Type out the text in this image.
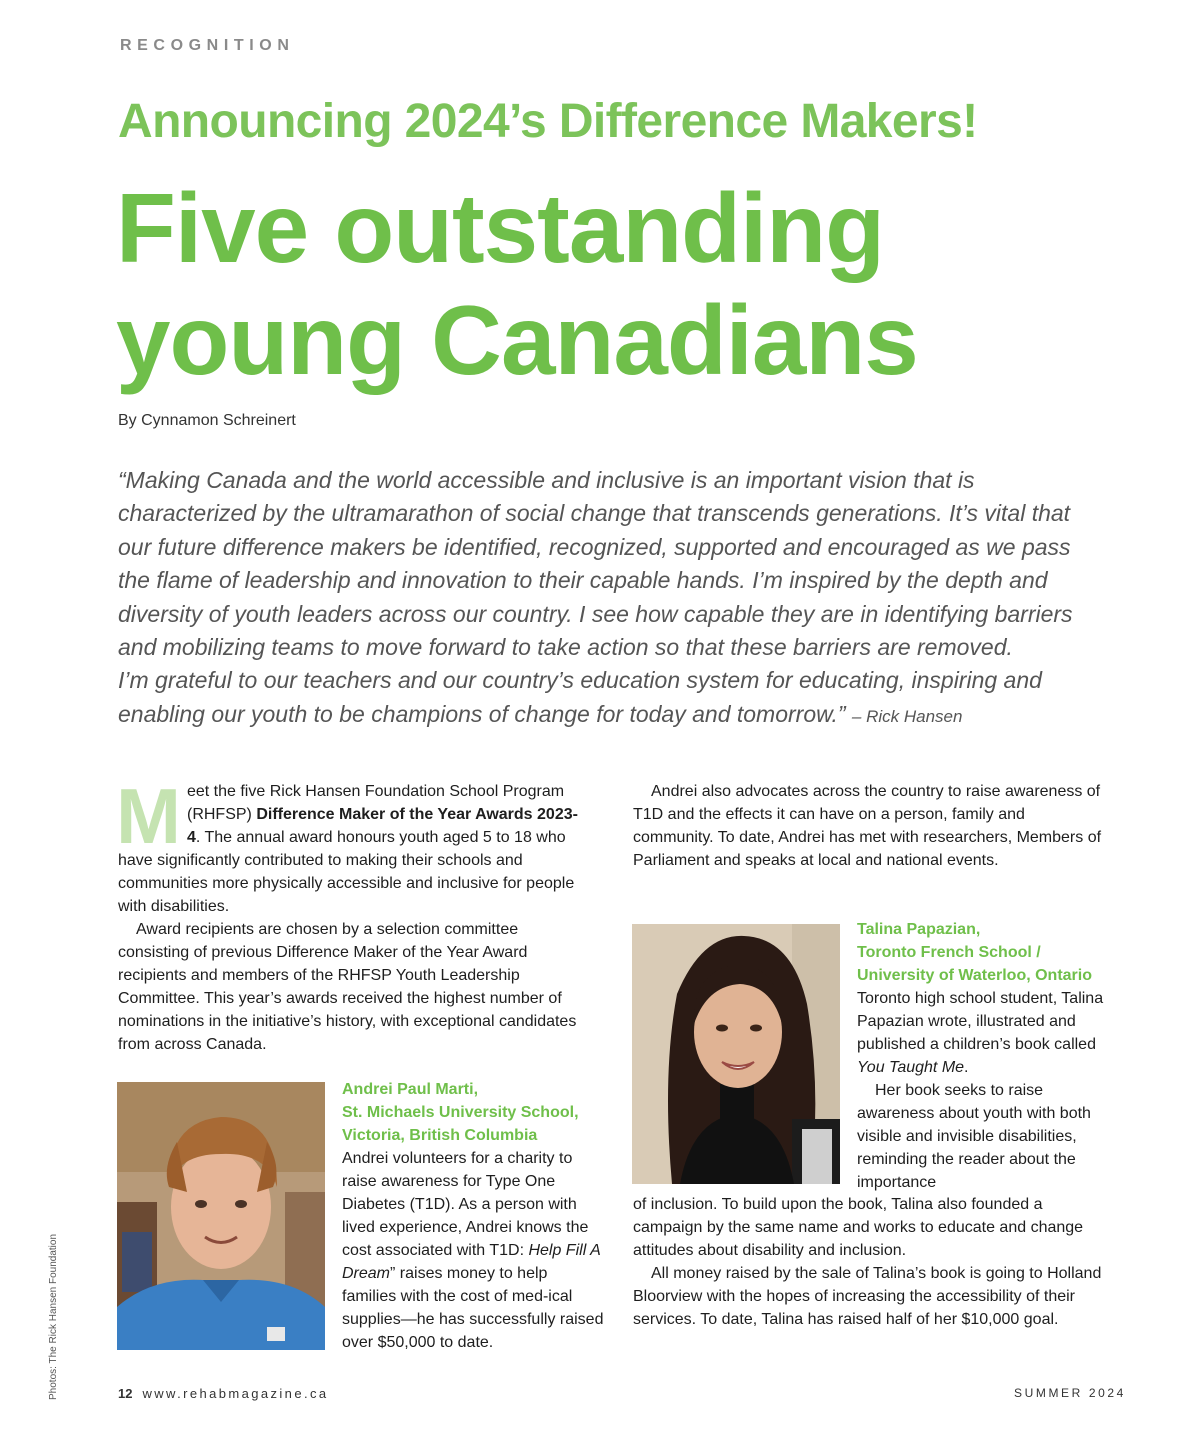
RECOGNITION
Announcing 2024’s Difference Makers!
Five outstanding
young Canadians
By Cynnamon Schreinert
“Making Canada and the world accessible and inclusive is an important vision that is characterized by the ultramarathon of social change that transcends generations. It’s vital that our future difference makers be identified, recognized, supported and encouraged as we pass the flame of leadership and innovation to their capable hands. I’m inspired by the depth and diversity of youth leaders across our country. I see how capable they are in identifying barriers and mobilizing teams to move forward to take action so that these barriers are removed.
I’m grateful to our teachers and our country’s education system for educating, inspiring and enabling our youth to be champions of change for today and tomorrow.” – Rick Hansen

Meet the five Rick Hansen Foundation School Program (RHFSP) Difference Maker of the Year Awards 2023-4. The annual award honours youth aged 5 to 18 who have significantly contributed to making their schools and communities more physically accessible and inclusive for people with disabilities.

Award recipients are chosen by a selection committee consisting of previous Difference Maker of the Year Award recipients and members of the RHFSP Youth Leadership Committee. This year’s awards received the highest number of nominations in the initiative’s history, with exceptional candidates from across Canada.

Andrei Paul Marti,
St. Michaels University School,
Victoria, British Columbia

Andrei volunteers for a charity to raise awareness for Type One Diabetes (T1D). As a person with lived experience, Andrei knows the cost associated with T1D: Help Fill A Dream” raises money to help families with the cost of med-ical supplies—he has successfully raised over $50,000 to date.

Andrei also advocates across the country to raise awareness of T1D and the effects it can have on a person, family and community. To date, Andrei has met with researchers, Members of Parliament and speaks at local and national events.

Talina Papazian,
Toronto French School /
University of Waterloo, Ontario

Toronto high school student, Talina Papazian wrote, illustrated and published a children’s book called You Taught Me.

Her book seeks to raise awareness about youth with both visible and invisible disabilities, reminding the reader about the importance

of inclusion. To build upon the book, Talina also founded a campaign by the same name and works to educate and change attitudes about disability and inclusion.

All money raised by the sale of Talina’s book is going to Holland Bloorview with the hopes of increasing the accessibility of their services. To date, Talina has raised half of her $10,000 goal.

12 www.rehabmagazine.ca	SUMMER 2024
Photos: The Rick Hansen Foundation
